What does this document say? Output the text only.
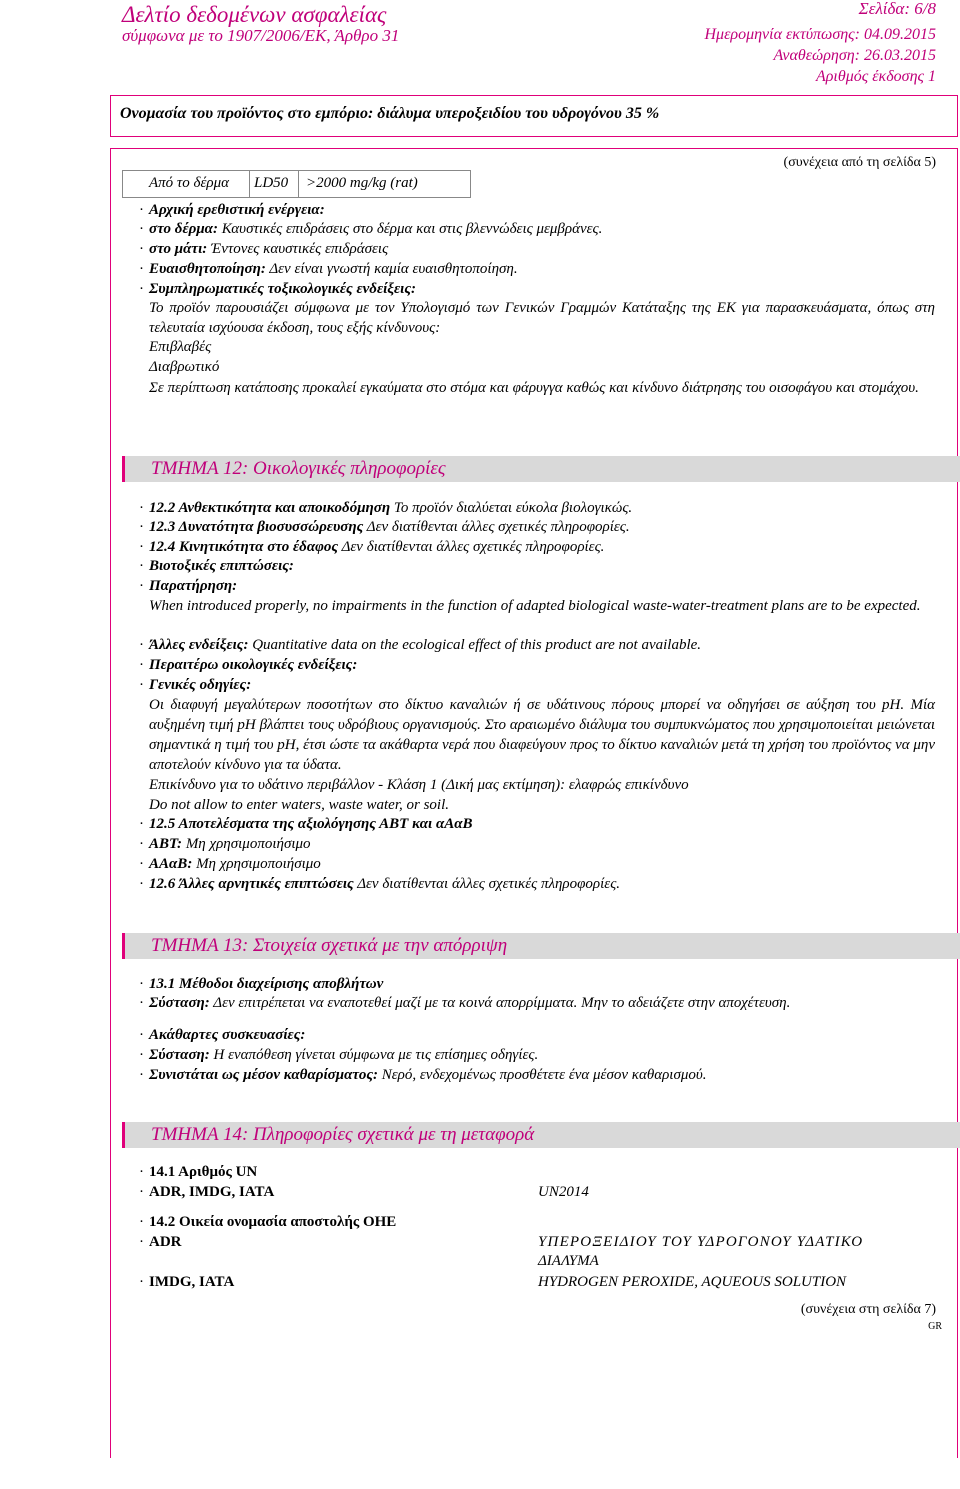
Δελτίο δεδομένων ασφαλείας
σύμφωνα με το 1907/2006/ΕΚ, Άρθρο 31
Σελίδα: 6/8
Ημερομηνία εκτύπωσης: 04.09.2015
Αναθεώρηση: 26.03.2015
Αριθμός έκδοσης 1
Ονομασία του προϊόντος στο εμπόριο: διάλυμα υπεροξειδίου του υδρογόνου 35 %
(συνέχεια από τη σελίδα 5)
Από το δέρμα LD50 >2000 mg/kg (rat)
· Αρχική ερεθιστική ενέργεια:
· στο δέρμα: Καυστικές επιδράσεις στο δέρμα και στις βλεννώδεις μεμβράνες.
· στο μάτι: Έντονες καυστικές επιδράσεις
· Ευαισθητοποίηση: Δεν είναι γνωστή καμία ευαισθητοποίηση.
· Συμπληρωματικές τοξικολογικές ενδείξεις:
Το προϊόν παρουσιάζει σύμφωνα με τον Υπολογισμό των Γενικών Γραμμών Κατάταξης της ΕΚ για παρασκευάσματα, όπως στη τελευταία ισχύουσα έκδοση, τους εξής κίνδυνους:
Επιβλαβές
Διαβρωτικό
Σε περίπτωση κατάποσης προκαλεί εγκαύματα στο στόμα και φάρυγγα καθώς και κίνδυνο διάτρησης του οισοφάγου και στομάχου.
ΤΜΗΜΑ 12: Οικολογικές πληροφορίες
· 12.2 Ανθεκτικότητα και αποικοδόμηση Το προϊόν διαλύεται εύκολα βιολογικώς.
· 12.3 Δυνατότητα βιοσυσσώρευσης Δεν διατίθενται άλλες σχετικές πληροφορίες.
· 12.4 Κινητικότητα στο έδαφος Δεν διατίθενται άλλες σχετικές πληροφορίες.
· Βιοτοξικές επιπτώσεις:
· Παρατήρηση:
When introduced properly, no impairments in the function of adapted biological waste-water-treatment plans are to be expected.
· Άλλες ενδείξεις: Quantitative data on the ecological effect of this product are not available.
· Περαιτέρω οικολογικές ενδείξεις:
· Γενικές οδηγίες:
Οι διαφυγή μεγαλύτερων ποσοτήτων στο δίκτυο καναλιών ή σε υδάτινους πόρους μπορεί να οδηγήσει σε αύξηση του pH. Μία αυξημένη τιμή pH βλάπτει τους υδρόβιους οργανισμούς. Στο αραιωμένο διάλυμα του συμπυκνώματος που χρησιμοποιείται μειώνεται σημαντικά η τιμή του pH, έτσι ώστε τα ακάθαρτα νερά που διαφεύγουν προς το δίκτυο καναλιών μετά τη χρήση του προϊόντος να μην αποτελούν κίνδυνο για τα ύδατα.
Επικίνδυνο για το υδάτινο περιβάλλον - Κλάση 1 (Δική μας εκτίμηση): ελαφρώς επικίνδυνο
Do not allow to enter waters, waste water, or soil.
· 12.5 Αποτελέσματα της αξιολόγησης ΑΒΤ και αΑαΒ
· ΑΒΤ: Μη χρησιμοποιήσιμο
· ΑΑαΒ: Μη χρησιμοποιήσιμο
· 12.6 Άλλες αρνητικές επιπτώσεις Δεν διατίθενται άλλες σχετικές πληροφορίες.
ΤΜΗΜΑ 13: Στοιχεία σχετικά με την απόρριψη
· 13.1 Μέθοδοι διαχείρισης αποβλήτων
· Σύσταση: Δεν επιτρέπεται να εναποτεθεί μαζί με τα κοινά απορρίμματα. Μην το αδειάζετε στην αποχέτευση.
· Ακάθαρτες συσκευασίες:
· Σύσταση: Η εναπόθεση γίνεται σύμφωνα με τις επίσημες οδηγίες.
· Συνιστάται ως μέσον καθαρίσματος: Νερό, ενδεχομένως προσθέτετε ένα μέσον καθαρισμού.
ΤΜΗΜΑ 14: Πληροφορίες σχετικά με τη μεταφορά
· 14.1 Αριθμός UN
· ADR, IMDG, IATA	UN2014
· 14.2 Οικεία ονομασία αποστολής ΟΗΕ
· ADR	ΥΠΕΡΟΞΕΙΔΙΟΥ ΤΟΥ ΥΔΡΟΓΟΝΟΥ ΥΔΑΤΙΚΟ
ΔΙΑΛΥΜΑ
· IMDG, IATA	HYDROGEN PEROXIDE, AQUEOUS SOLUTION
(συνέχεια στη σελίδα 7)
GR
